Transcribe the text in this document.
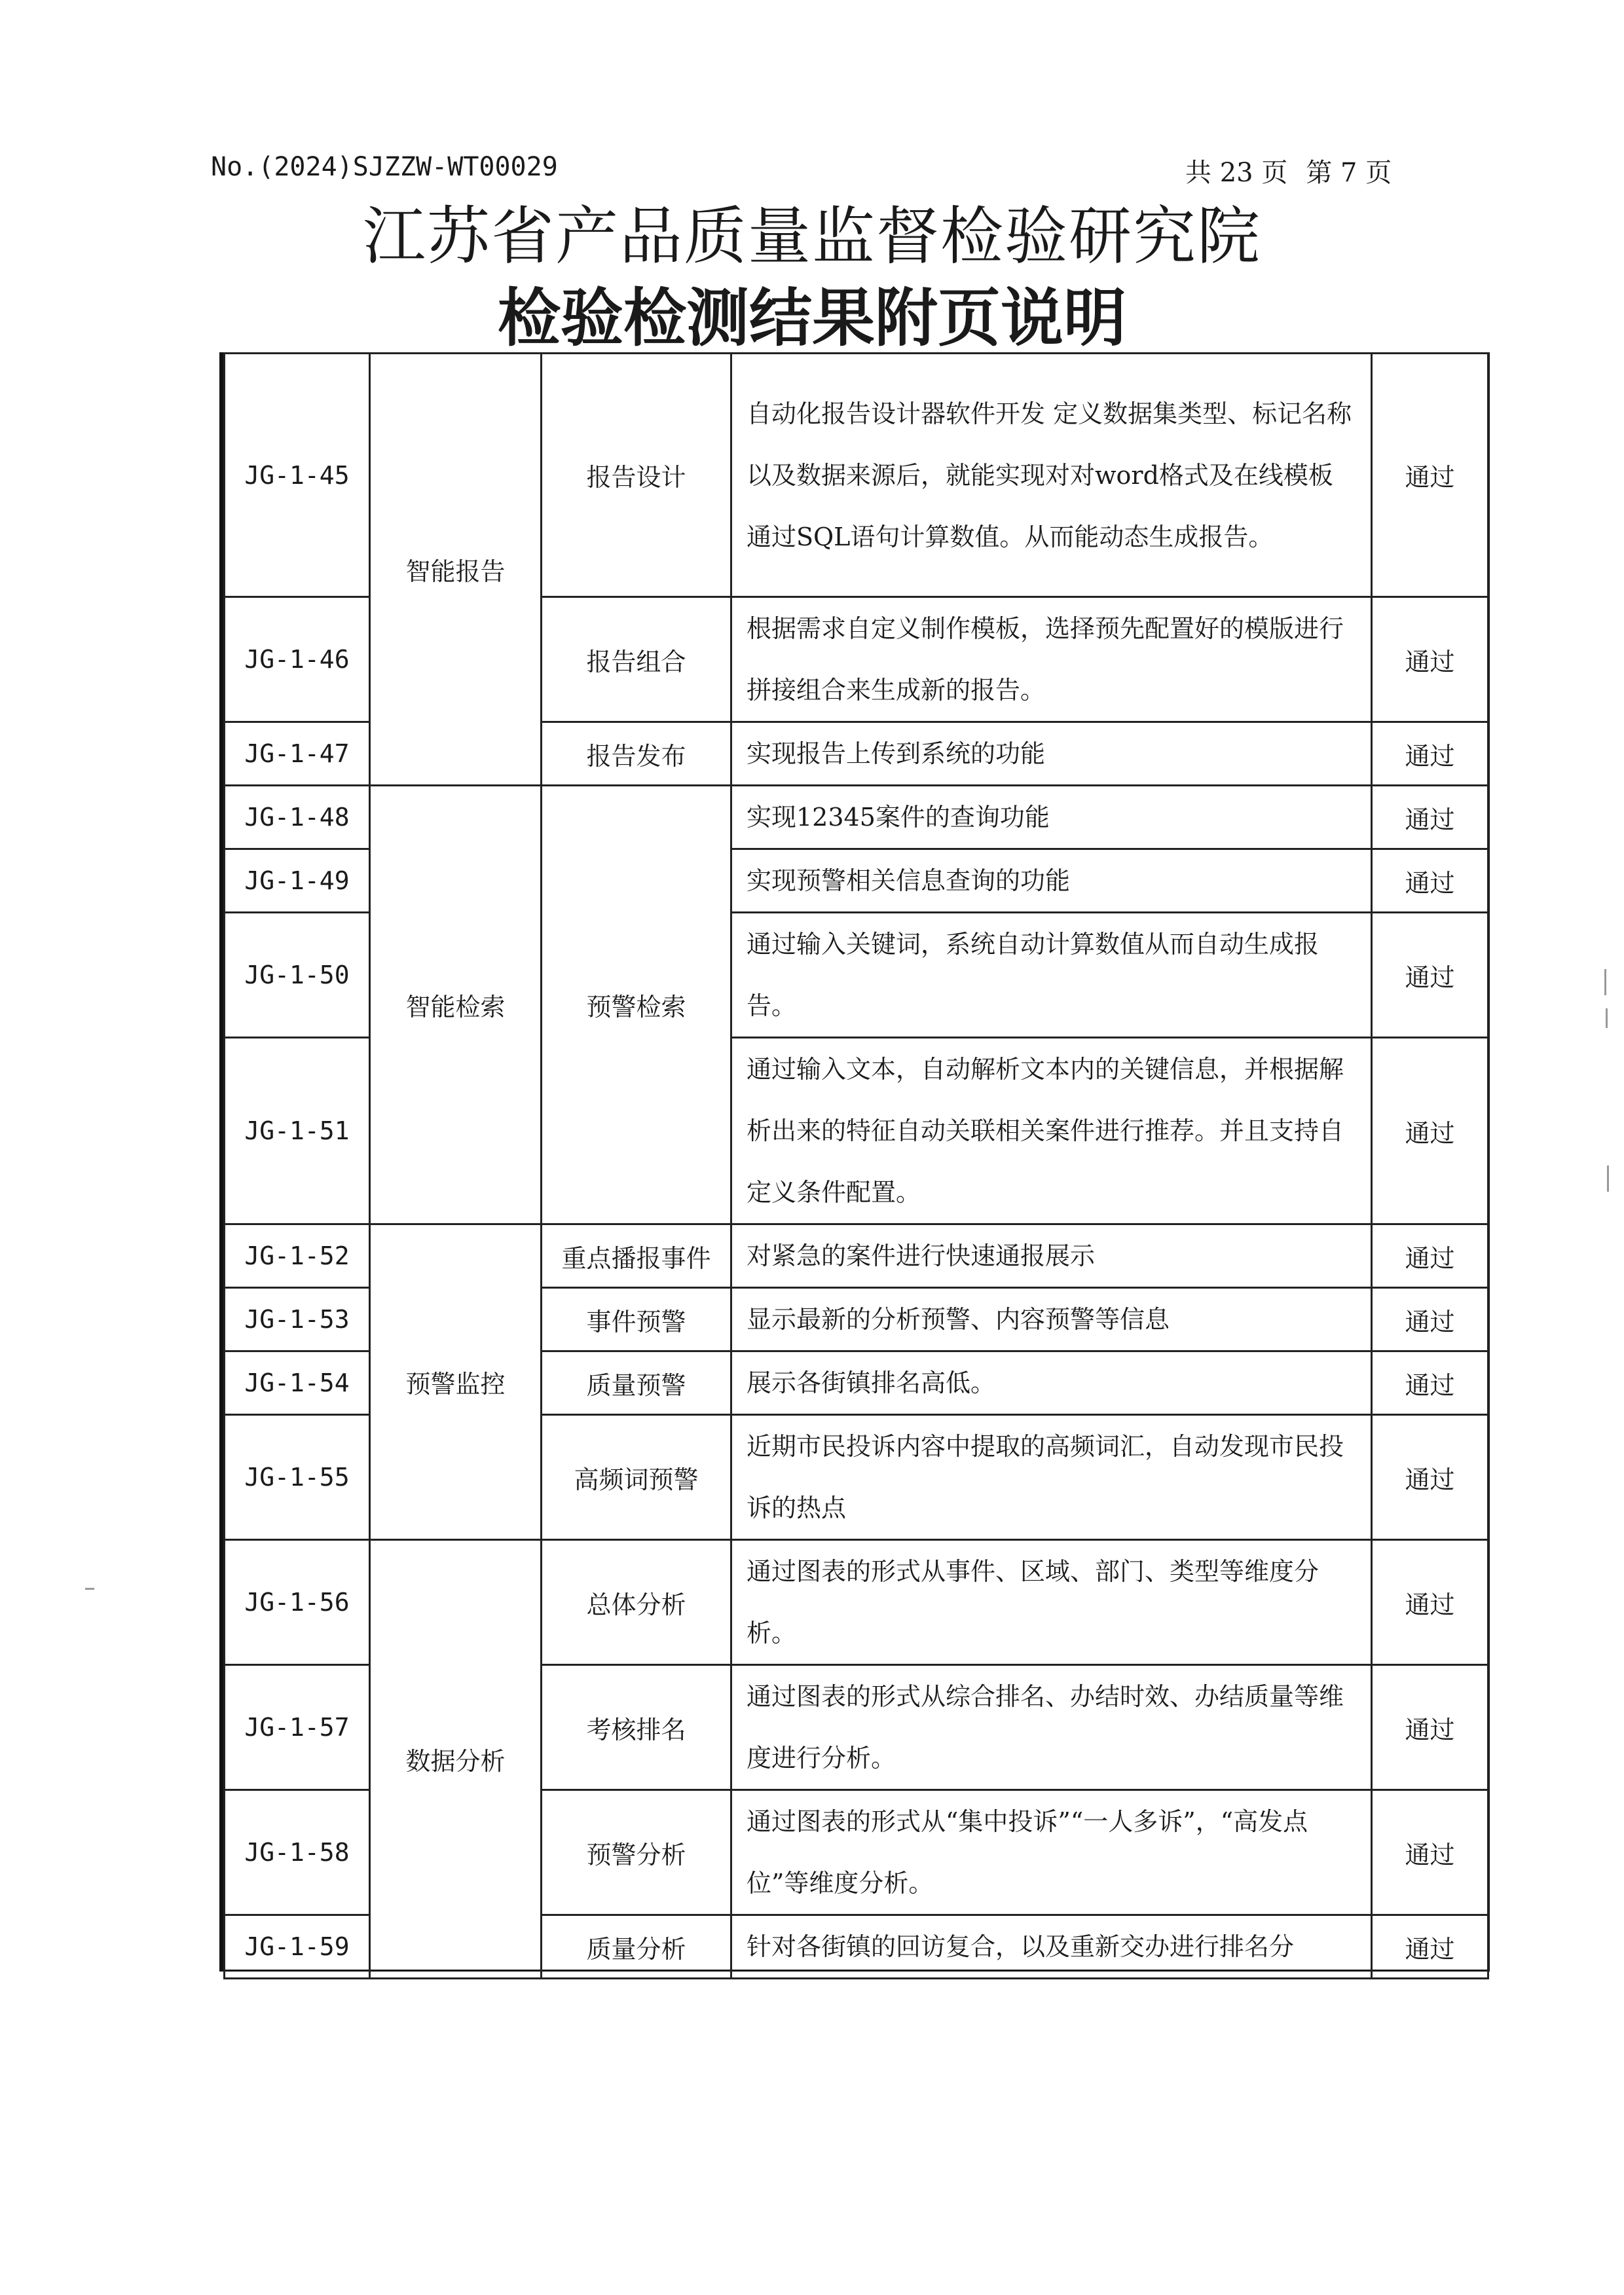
No.(2024)SJZZW-WT00029	共 23 页 第 7 页
江苏省产品质量监督检验研究院
检验检测结果附页说明
JG-1-45	智能报告	报告设计	自动化报告设计器软件开发 定义数据集类型、标记名称以及数据来源后，就能实现对对word格式及在线模板通过SQL语句计算数值。从而能动态生成报告。	通过
JG-1-46		报告组合	根据需求自定义制作模板，选择预先配置好的模版进行拼接组合来生成新的报告。	通过
JG-1-47		报告发布	实现报告上传到系统的功能	通过
JG-1-48	智能检索	预警检索	实现12345案件的查询功能	通过
JG-1-49			实现预警相关信息查询的功能	通过
JG-1-50			通过输入关键词，系统自动计算数值从而自动生成报告。	通过
JG-1-51			通过输入文本，自动解析文本内的关键信息，并根据解析出来的特征自动关联相关案件进行推荐。并且支持自定义条件配置。	通过
JG-1-52	预警监控	重点播报事件	对紧急的案件进行快速通报展示	通过
JG-1-53		事件预警	显示最新的分析预警、内容预警等信息	通过
JG-1-54		质量预警	展示各街镇排名高低。	通过
JG-1-55		高频词预警	近期市民投诉内容中提取的高频词汇，自动发现市民投诉的热点	通过
JG-1-56	数据分析	总体分析	通过图表的形式从事件、区域、部门、类型等维度分析。	通过
JG-1-57		考核排名	通过图表的形式从综合排名、办结时效、办结质量等维度进行分析。	通过
JG-1-58		预警分析	通过图表的形式从“集中投诉”“一人多诉”，“高发点位”等维度分析。	通过
JG-1-59		质量分析	针对各街镇的回访复合，以及重新交办进行排名分	通过
